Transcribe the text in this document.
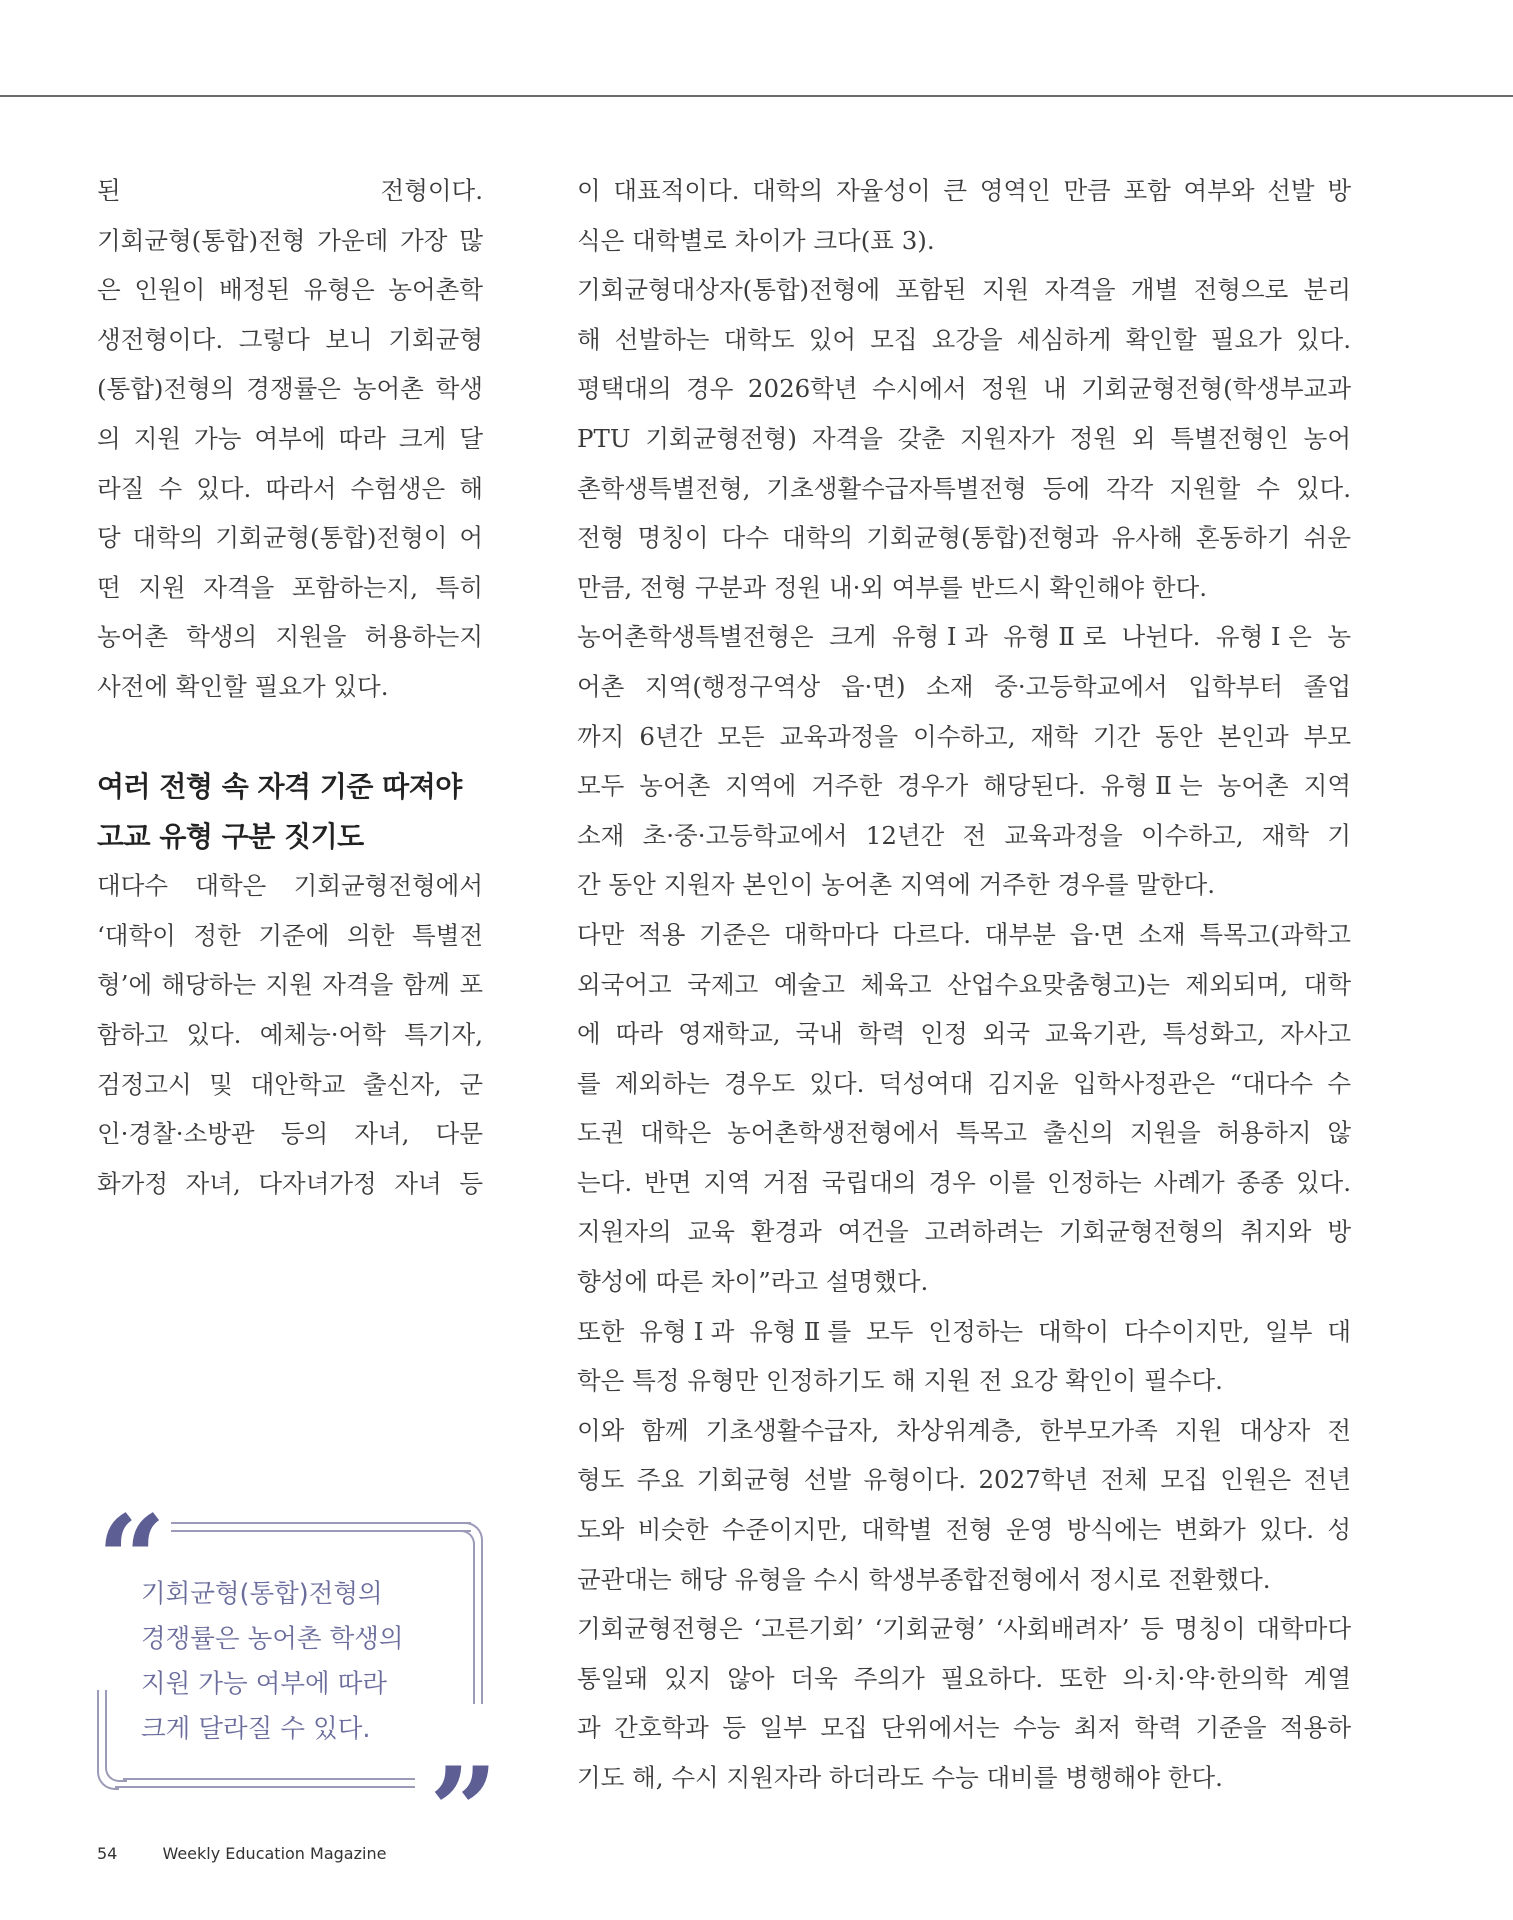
된 전형이다.

기회균형(통합)전형 가운데 가장 많

은 인원이 배정된 유형은 농어촌학

생전형이다. 그렇다 보니 기회균형

(통합)전형의 경쟁률은 농어촌 학생

의 지원 가능 여부에 따라 크게 달

라질 수 있다. 따라서 수험생은 해

당 대학의 기회균형(통합)전형이 어

떤 지원 자격을 포함하는지, 특히

농어촌 학생의 지원을 허용하는지

사전에 확인할 필요가 있다.

여러 전형 속 자격 기준 따져야

고교 유형 구분 짓기도

대다수 대학은 기회균형전형에서

‘대학이 정한 기준에 의한 특별전

형’에 해당하는 지원 자격을 함께 포

함하고 있다. 예체능·어학 특기자,

검정고시 및 대안학교 출신자, 군

인·경찰·소방관 등의 자녀, 다문

화가정 자녀, 다자녀가정 자녀 등

“

기회균형(통합)전형의
경쟁률은 농어촌 학생의
지원 가능 여부에 따라
크게 달라질 수 있다.

”

이 대표적이다. 대학의 자율성이 큰 영역인 만큼 포함 여부와 선발 방

식은 대학별로 차이가 크다(표 3).

기회균형대상자(통합)전형에 포함된 지원 자격을 개별 전형으로 분리

해 선발하는 대학도 있어 모집 요강을 세심하게 확인할 필요가 있다.

평택대의 경우 2026학년 수시에서 정원 내 기회균형전형(학생부교과

PTU 기회균형전형) 자격을 갖춘 지원자가 정원 외 특별전형인 농어

촌학생특별전형, 기초생활수급자특별전형 등에 각각 지원할 수 있다.

전형 명칭이 다수 대학의 기회균형(통합)전형과 유사해 혼동하기 쉬운

만큼, 전형 구분과 정원 내·외 여부를 반드시 확인해야 한다.

농어촌학생특별전형은 크게 유형Ⅰ과 유형Ⅱ로 나뉜다. 유형Ⅰ은 농

어촌 지역(행정구역상 읍·면) 소재 중·고등학교에서 입학부터 졸업

까지 6년간 모든 교육과정을 이수하고, 재학 기간 동안 본인과 부모

모두 농어촌 지역에 거주한 경우가 해당된다. 유형Ⅱ는 농어촌 지역

소재 초·중·고등학교에서 12년간 전 교육과정을 이수하고, 재학 기

간 동안 지원자 본인이 농어촌 지역에 거주한 경우를 말한다.

다만 적용 기준은 대학마다 다르다. 대부분 읍·면 소재 특목고(과학고

외국어고 국제고 예술고 체육고 산업수요맞춤형고)는 제외되며, 대학

에 따라 영재학교, 국내 학력 인정 외국 교육기관, 특성화고, 자사고

를 제외하는 경우도 있다. 덕성여대 김지윤 입학사정관은 “대다수 수

도권 대학은 농어촌학생전형에서 특목고 출신의 지원을 허용하지 않

는다. 반면 지역 거점 국립대의 경우 이를 인정하는 사례가 종종 있다.

지원자의 교육 환경과 여건을 고려하려는 기회균형전형의 취지와 방

향성에 따른 차이”라고 설명했다.

또한 유형Ⅰ과 유형Ⅱ를 모두 인정하는 대학이 다수이지만, 일부 대

학은 특정 유형만 인정하기도 해 지원 전 요강 확인이 필수다.

이와 함께 기초생활수급자, 차상위계층, 한부모가족 지원 대상자 전

형도 주요 기회균형 선발 유형이다. 2027학년 전체 모집 인원은 전년

도와 비슷한 수준이지만, 대학별 전형 운영 방식에는 변화가 있다. 성

균관대는 해당 유형을 수시 학생부종합전형에서 정시로 전환했다.

기회균형전형은 ‘고른기회’ ‘기회균형’ ‘사회배려자’ 등 명칭이 대학마다

통일돼 있지 않아 더욱 주의가 필요하다. 또한 의·치·약·한의학 계열

과 간호학과 등 일부 모집 단위에서는 수능 최저 학력 기준을 적용하

기도 해, 수시 지원자라 하더라도 수능 대비를 병행해야 한다.

54	Weekly Education Magazine
